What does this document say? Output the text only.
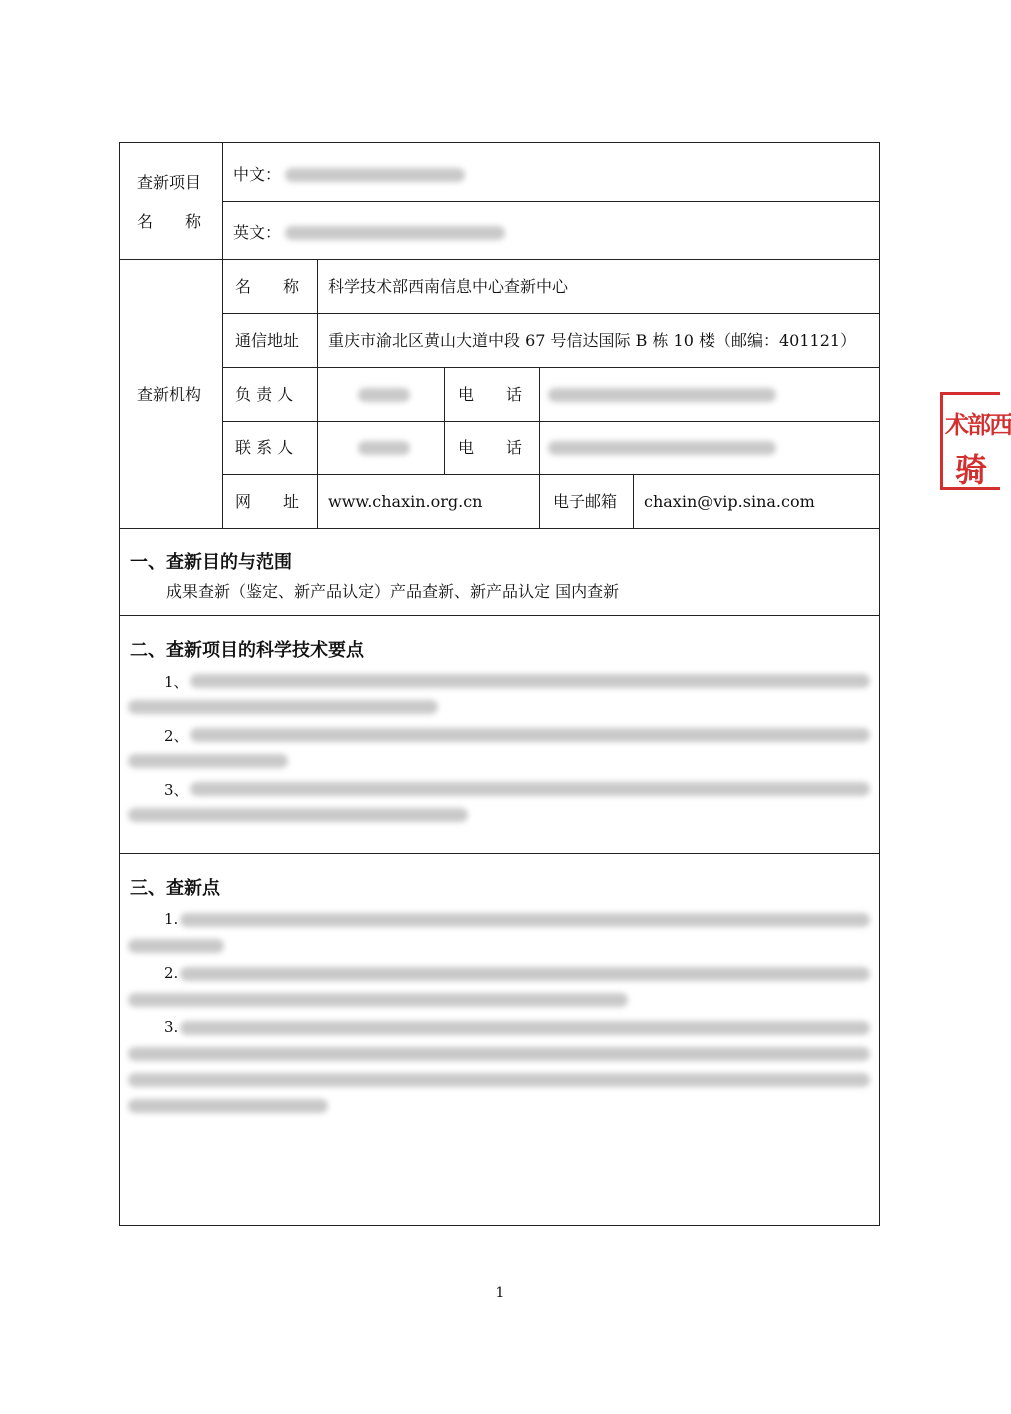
查新项目
名　　称
中文：
英文：
查新机构
名　　称 科学技术部西南信息中心查新中心
通信地址 重庆市渝北区黄山大道中段 67 号信达国际 B 栋 10 楼（邮编：401121）
负 责 人	电　　话
联 系 人	电　　话
网　　址 www.chaxin.org.cn	电子邮箱 chaxin@vip.sina.com
一、查新目的与范围
成果查新（鉴定、新产品认定）产品查新、新产品认定 国内查新
二、查新项目的科学技术要点
1、
2、
3、
三、查新点
1.
2.
3.
术部西
骑
1
